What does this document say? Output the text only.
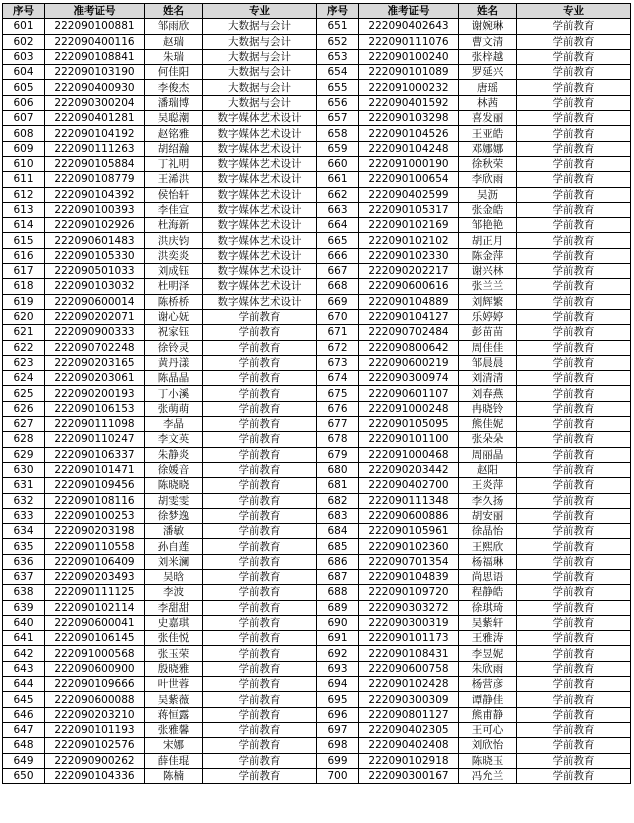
序号	准考证号	姓名	专业	序号	准考证号	姓名	专业
601	222090100881	邹雨欣	大数据与会计	651	222090402643	谢婉琳	学前教育
602	222090400116	赵瑞	大数据与会计	652	222090111076	曹文清	学前教育
603	222090108841	朱瑞	大数据与会计	653	222090100240	张梓越	学前教育
604	222090103190	何佳阳	大数据与会计	654	222090101089	罗延兴	学前教育
605	222090400930	李俊杰	大数据与会计	655	222091000232	唐瑶	学前教育
606	222090300204	潘瑞博	大数据与会计	656	222090401592	林茜	学前教育
607	222090401281	吴聪潮	数字媒体艺术设计	657	222090103298	喜发丽	学前教育
608	222090104192	赵铭雅	数字媒体艺术设计	658	222090104526	王亚皓	学前教育
609	222090111263	胡绍瀚	数字媒体艺术设计	659	222090104248	邓娜娜	学前教育
610	222090105884	丁礼明	数字媒体艺术设计	660	222091000190	徐秋荣	学前教育
611	222090108779	王浠洪	数字媒体艺术设计	661	222090100654	李欣雨	学前教育
612	222090104392	侯怡轩	数字媒体艺术设计	662	222090402599	吴沥	学前教育
613	222090100393	李佳宣	数字媒体艺术设计	663	222090105317	张金皓	学前教育
614	222090102926	杜海新	数字媒体艺术设计	664	222090102169	邹艳艳	学前教育
615	222090601483	洪庆钧	数字媒体艺术设计	665	222090102102	胡正月	学前教育
616	222090105330	洪奕炎	数字媒体艺术设计	666	222090102330	陈金萍	学前教育
617	222090501033	刘成钰	数字媒体艺术设计	667	222090202217	谢兴林	学前教育
618	222090103032	杜明泽	数字媒体艺术设计	668	222090600616	张兰兰	学前教育
619	222090600014	陈桥桥	数字媒体艺术设计	669	222090104889	刘辉繁	学前教育
620	222090202071	谢心妩	学前教育	670	222090104127	乐婷婷	学前教育
621	222090900333	祝家钰	学前教育	671	222090702484	彭苗苗	学前教育
622	222090702248	徐铃灵	学前教育	672	222090800642	周佳佳	学前教育
623	222090203165	黄丹漾	学前教育	673	222090600219	邹晨晨	学前教育
624	222090203061	陈晶晶	学前教育	674	222090300974	刘清清	学前教育
625	222090200193	丁小溪	学前教育	675	222090601107	刘春燕	学前教育
626	222090106153	张萌萌	学前教育	676	222091000248	冉晓铃	学前教育
627	222090111098	李晶	学前教育	677	222090105095	熊佳妮	学前教育
628	222090110247	李文英	学前教育	678	222090101100	张朵朵	学前教育
629	222090106337	朱静炎	学前教育	679	222091000468	周丽晶	学前教育
630	222090101471	徐媛音	学前教育	680	222090203442	赵阳	学前教育
631	222090109456	陈晓晓	学前教育	681	222090402700	王炎萍	学前教育
632	222090108116	胡雯雯	学前教育	682	222090111348	李久扬	学前教育
633	222090100253	徐梦逸	学前教育	683	222090600886	胡安丽	学前教育
634	222090203198	潘敏	学前教育	684	222090105961	徐晶怡	学前教育
635	222090110558	孙自莲	学前教育	685	222090102360	王熙欣	学前教育
636	222090106409	刘米澜	学前教育	686	222090701354	杨福琳	学前教育
637	222090203493	吴晗	学前教育	687	222090104839	尚思语	学前教育
638	222090111125	李波	学前教育	688	222090109720	程静皓	学前教育
639	222090102114	李甜甜	学前教育	689	222090303272	徐琪琦	学前教育
640	222090600041	史嘉琪	学前教育	690	222090300319	吴紫轩	学前教育
641	222090106145	张佳悦	学前教育	691	222090101173	王雅涛	学前教育
642	222091000568	张玉荣	学前教育	692	222090108431	李昱妮	学前教育
643	222090600900	殷晓雅	学前教育	693	222090600758	朱欣雨	学前教育
644	222090109666	叶世蓉	学前教育	694	222090102428	杨营彦	学前教育
645	222090600088	吴紫薇	学前教育	695	222090300309	谭静佳	学前教育
646	222090203210	蒋恒露	学前教育	696	222090801127	熊甫静	学前教育
647	222090101193	张雅馨	学前教育	697	222090402305	王可心	学前教育
648	222090102576	宋娜	学前教育	698	222090402408	刘欣怡	学前教育
649	222090900262	薛佳琨	学前教育	699	222090102918	陈晓玉	学前教育
650	222090104336	陈楠	学前教育	700	222090300167	冯允兰	学前教育
